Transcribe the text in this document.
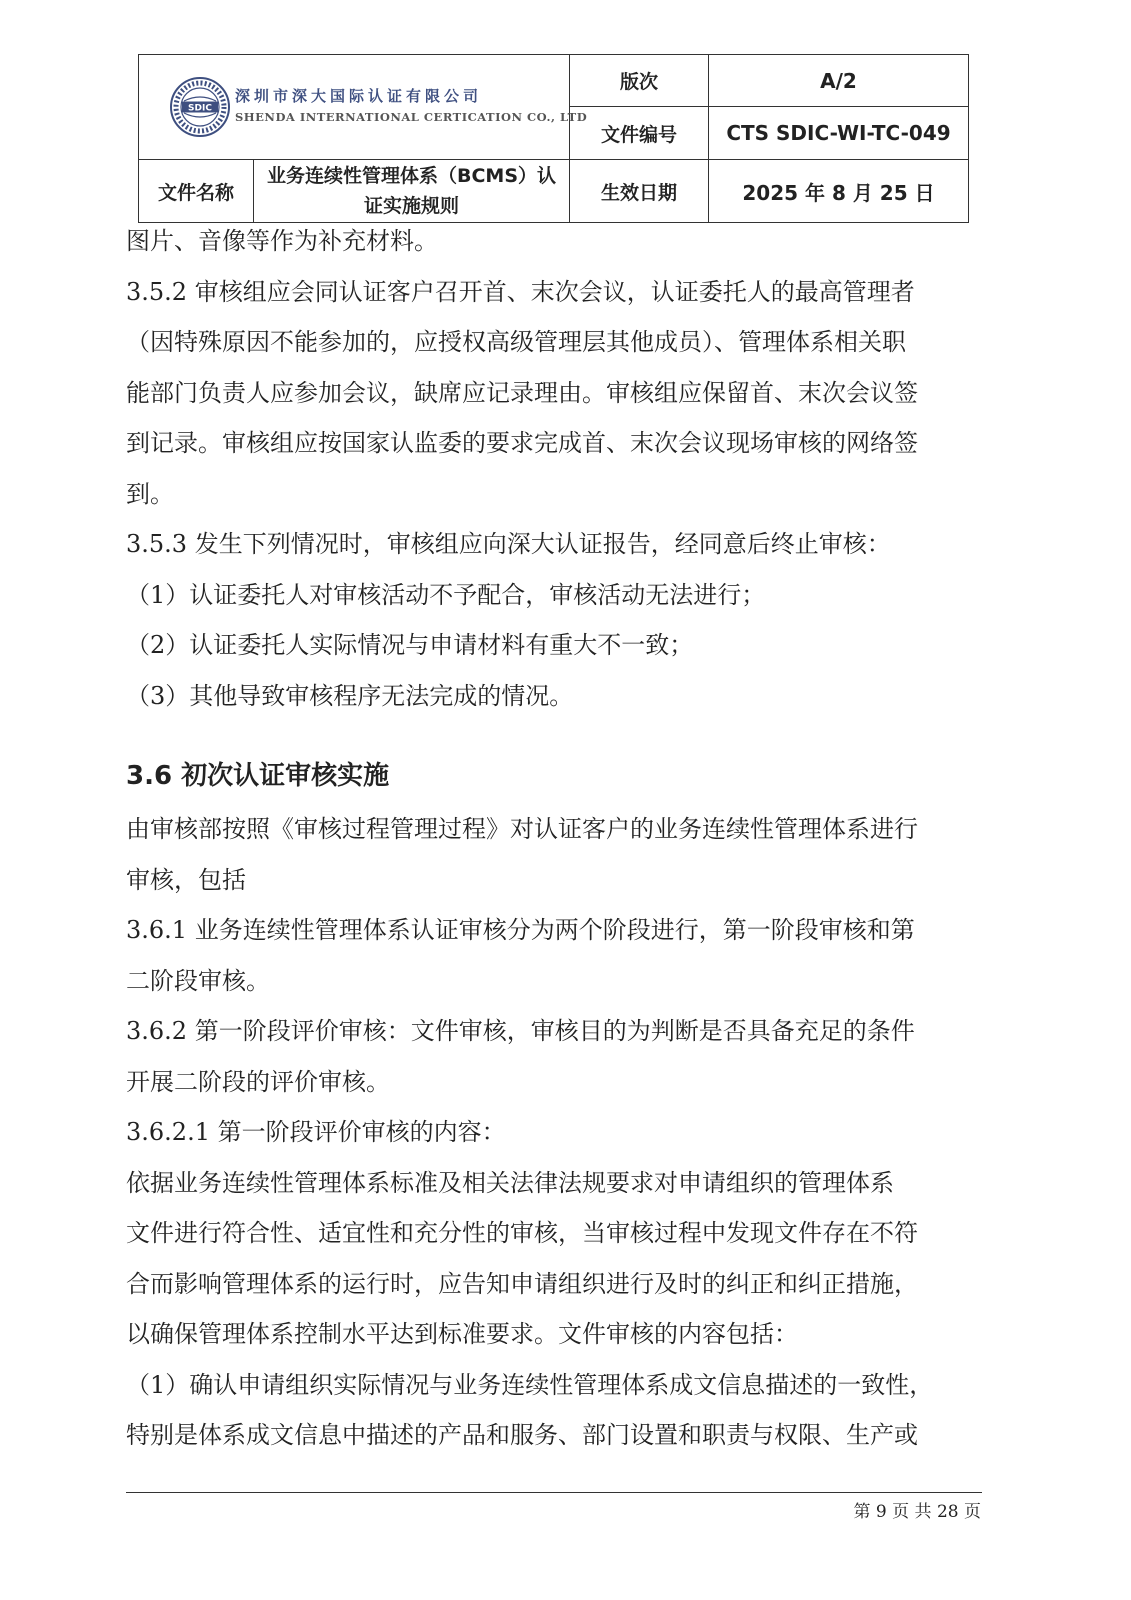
SDIC
深圳市深大国际认证有限公司
SHENDA INTERNATIONAL CERTICATION CO., LTD		版次	A/2
		文件编号	CTS SDIC-WI-TC-049
文件名称	业务连续性管理体系（BCMS）认证实施规则	生效日期	2025 年 8 月 25 日
图片、音像等作为补充材料。
3.5.2 审核组应会同认证客户召开首、末次会议，认证委托人的最高管理者
（因特殊原因不能参加的，应授权高级管理层其他成员）、管理体系相关职
能部门负责人应参加会议，缺席应记录理由。审核组应保留首、末次会议签
到记录。审核组应按国家认监委的要求完成首、末次会议现场审核的网络签
到。
3.5.3 发生下列情况时，审核组应向深大认证报告，经同意后终止审核：
（1）认证委托人对审核活动不予配合，审核活动无法进行；
（2）认证委托人实际情况与申请材料有重大不一致；
（3）其他导致审核程序无法完成的情况。
3.6 初次认证审核实施
由审核部按照《审核过程管理过程》对认证客户的业务连续性管理体系进行
审核，包括
3.6.1 业务连续性管理体系认证审核分为两个阶段进行，第一阶段审核和第
二阶段审核。
3.6.2 第一阶段评价审核：文件审核，审核目的为判断是否具备充足的条件
开展二阶段的评价审核。
3.6.2.1 第一阶段评价审核的内容：
依据业务连续性管理体系标准及相关法律法规要求对申请组织的管理体系
文件进行符合性、适宜性和充分性的审核，当审核过程中发现文件存在不符
合而影响管理体系的运行时，应告知申请组织进行及时的纠正和纠正措施，
以确保管理体系控制水平达到标准要求。文件审核的内容包括：
（1）确认申请组织实际情况与业务连续性管理体系成文信息描述的一致性，
特别是体系成文信息中描述的产品和服务、部门设置和职责与权限、生产或
第 9 页 共 28 页
